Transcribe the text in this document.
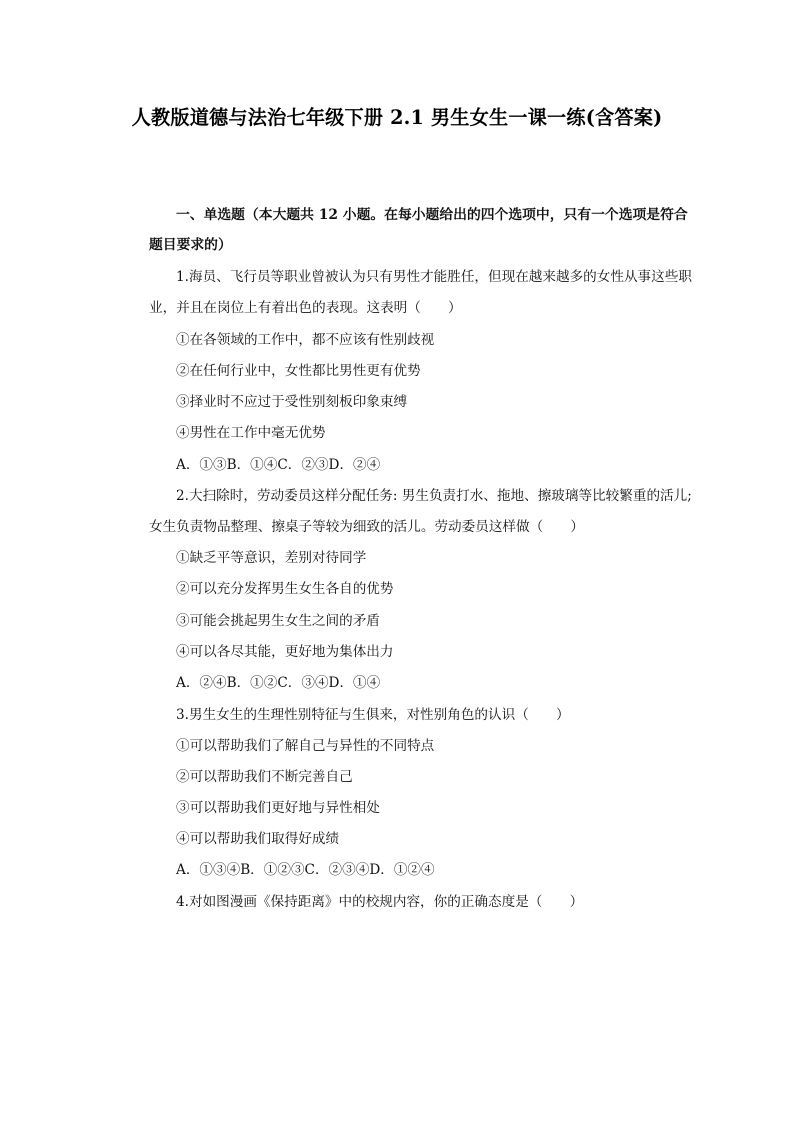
人教版道德与法治七年级下册 2.1 男生女生一课一练(含答案)
一、单选题（本大题共 12 小题。在每小题给出的四个选项中，只有一个选项是符合
题目要求的）
1.海员、飞行员等职业曾被认为只有男性才能胜任，但现在越来越多的女性从事这些职
业，并且在岗位上有着出色的表现。这表明（　　）
①在各领域的工作中，都不应该有性别歧视
②在任何行业中，女性都比男性更有优势
③择业时不应过于受性别刻板印象束缚
④男性在工作中毫无优势
A．①③B．①④C．②③D．②④
2.大扫除时，劳动委员这样分配任务: 男生负责打水、拖地、擦玻璃等比较繁重的活儿;
女生负责物品整理、擦桌子等较为细致的活儿。劳动委员这样做（　　）
①缺乏平等意识，差别对待同学
②可以充分发挥男生女生各自的优势
③可能会挑起男生女生之间的矛盾
④可以各尽其能，更好地为集体出力
A．②④B．①②C．③④D．①④
3.男生女生的生理性别特征与生俱来，对性别角色的认识（　　）
①可以帮助我们了解自己与异性的不同特点
②可以帮助我们不断完善自己
③可以帮助我们更好地与异性相处
④可以帮助我们取得好成绩
A．①③④B．①②③C．②③④D．①②④
4.对如图漫画《保持距离》中的校规内容，你的正确态度是（　　）
